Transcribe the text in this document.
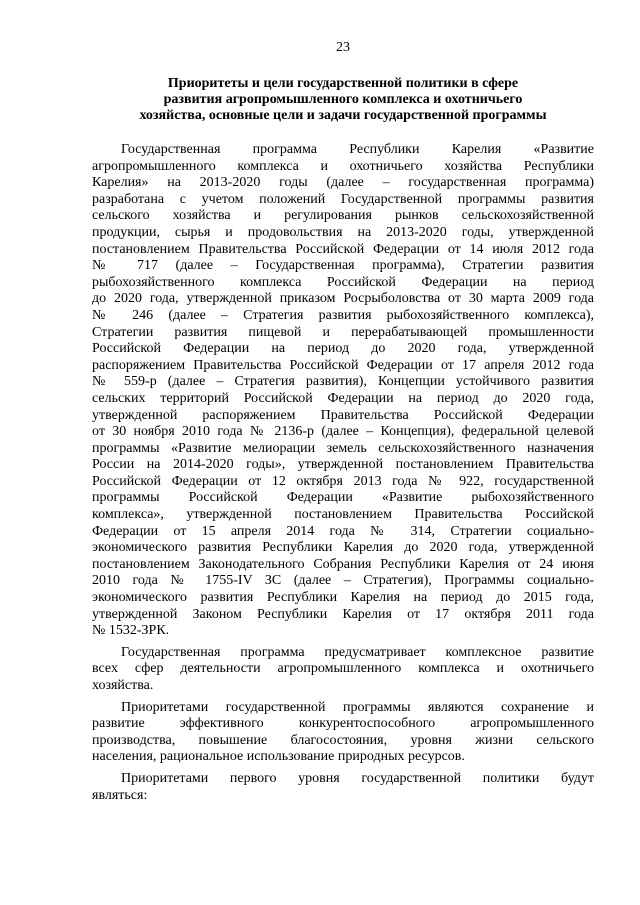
23
Приоритеты и цели государственной политики в сфере
развития агропромышленного комплекса и охотничьего
хозяйства, основные цели и задачи государственной программы

Государственная программа Республики Карелия «Развитие
агропромышленного комплекса и охотничьего хозяйства Республики
Карелия» на 2013-2020 годы (далее – государственная программа)
разработана с учетом положений Государственной программы развития
сельского хозяйства и регулирования рынков сельскохозяйственной
продукции, сырья и продовольствия на 2013-2020 годы, утвержденной
постановлением Правительства Российской Федерации от 14 июля 2012 года
№ 717 (далее – Государственная программа), Стратегии развития
рыбохозяйственного комплекса Российской Федерации на период
до 2020 года, утвержденной приказом Росрыболовства от 30 марта 2009 года
№ 246 (далее – Стратегия развития рыбохозяйственного комплекса),
Стратегии развития пищевой и перерабатывающей промышленности
Российской Федерации на период до 2020 года, утвержденной
распоряжением Правительства Российской Федерации от 17 апреля 2012 года
№ 559-р (далее – Стратегия развития), Концепции устойчивого развития
сельских территорий Российской Федерации на период до 2020 года,
утвержденной распоряжением Правительства Российской Федерации
от 30 ноября 2010 года № 2136-р (далее – Концепция), федеральной целевой
программы «Развитие мелиорации земель сельскохозяйственного назначения
России на 2014-2020 годы», утвержденной постановлением Правительства
Российской Федерации от 12 октября 2013 года № 922, государственной
программы Российской Федерации «Развитие рыбохозяйственного
комплекса», утвержденной постановлением Правительства Российской
Федерации от 15 апреля 2014 года № 314, Стратегии социально-
экономического развития Республики Карелия до 2020 года, утвержденной
постановлением Законодательного Собрания Республики Карелия от 24 июня
2010 года № 1755-IV ЗС (далее – Стратегия), Программы социально-
экономического развития Республики Карелия на период до 2015 года,
утвержденной Законом Республики Карелия от 17 октября 2011 года
№ 1532-ЗРК.

Государственная программа предусматривает комплексное развитие
всех сфер деятельности агропромышленного комплекса и охотничьего
хозяйства.

Приоритетами государственной программы являются сохранение и
развитие эффективного конкурентоспособного агропромышленного
производства, повышение благосостояния, уровня жизни сельского
населения, рациональное использование природных ресурсов.

Приоритетами первого уровня государственной политики будут
являться:
